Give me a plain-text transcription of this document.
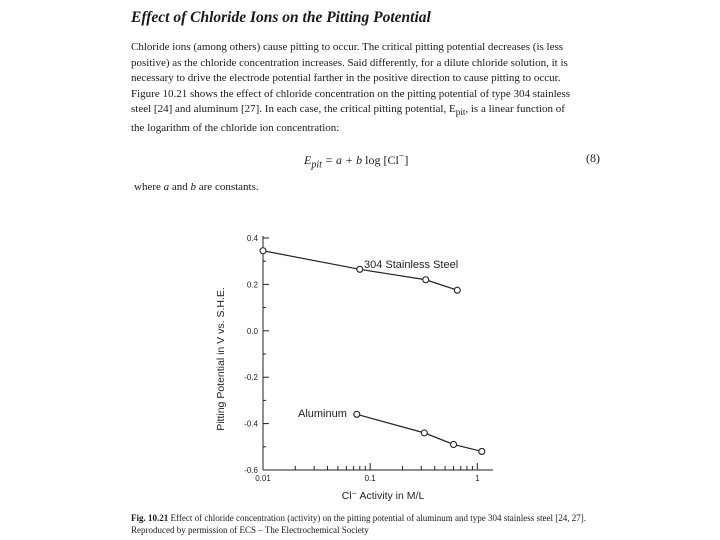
Effect of Chloride Ions on the Pitting Potential
Chloride ions (among others) cause pitting to occur. The critical pitting potential decreases (is less
positive) as the chloride concentration increases. Said differently, for a dilute chloride solution, it is
necessary to drive the electrode potential farther in the positive direction to cause pitting to occur.
Figure 10.21 shows the effect of chloride concentration on the pitting potential of type 304 stainless
steel [24] and aluminum [27]. In each case, the critical pitting potential, $E_{pit}$, is a linear function of
the logarithm of the chloride ion concentration:
$E_{pit} = a + b$ log [Cl−]	(8)
where a and b are constants.
0.4
0.2
0.0
-0.2
-0.4
-0.6
0.01	0.1	1
Cl⁻ Activity in M/L
Pitting Potential in V vs. S.H.E.
304 Stainless Steel
Aluminum
Fig. 10.21 Effect of chloride concentration (activity) on the pitting potential of aluminum and type 304 stainless steel [24, 27]. Reproduced by permission of ECS – The Electrochemical Society
